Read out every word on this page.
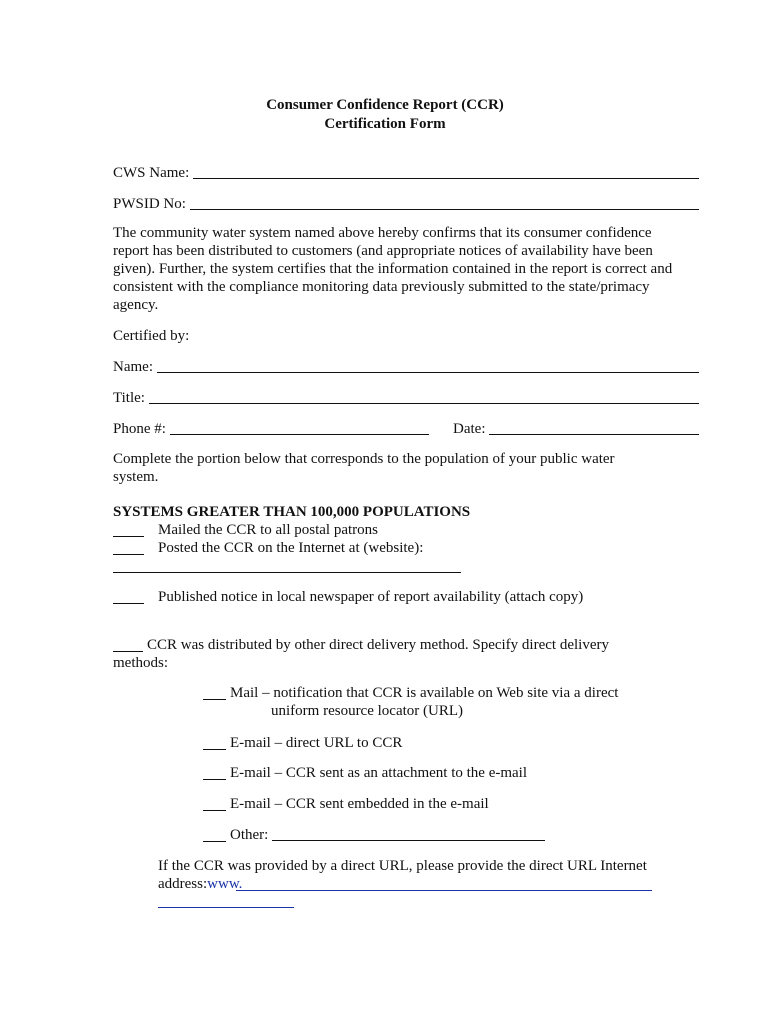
Consumer Confidence Report (CCR)
Certification Form
CWS Name:
PWSID No:
The community water system named above hereby confirms that its consumer confidence report has been distributed to customers (and appropriate notices of availability have been given). Further, the system certifies that the information contained in the report is correct and consistent with the compliance monitoring data previously submitted to the state/primacy agency.
Certified by:
Name:
Title:
Phone #:	Date:
Complete the portion below that corresponds to the population of your public water system.
SYSTEMS GREATER THAN 100,000 POPULATIONS
Mailed the CCR to all postal patrons
Posted the CCR on the Internet at (website):
Published notice in local newspaper of report availability (attach copy)
CCR was distributed by other direct delivery method. Specify direct delivery methods:
Mail – notification that CCR is available on Web site via a direct
uniform resource locator (URL)
E-mail – direct URL to CCR
E-mail – CCR sent as an attachment to the e-mail
E-mail – CCR sent embedded in the e-mail
Other:
If the CCR was provided by a direct URL, please provide the direct URL Internet
address:www.
